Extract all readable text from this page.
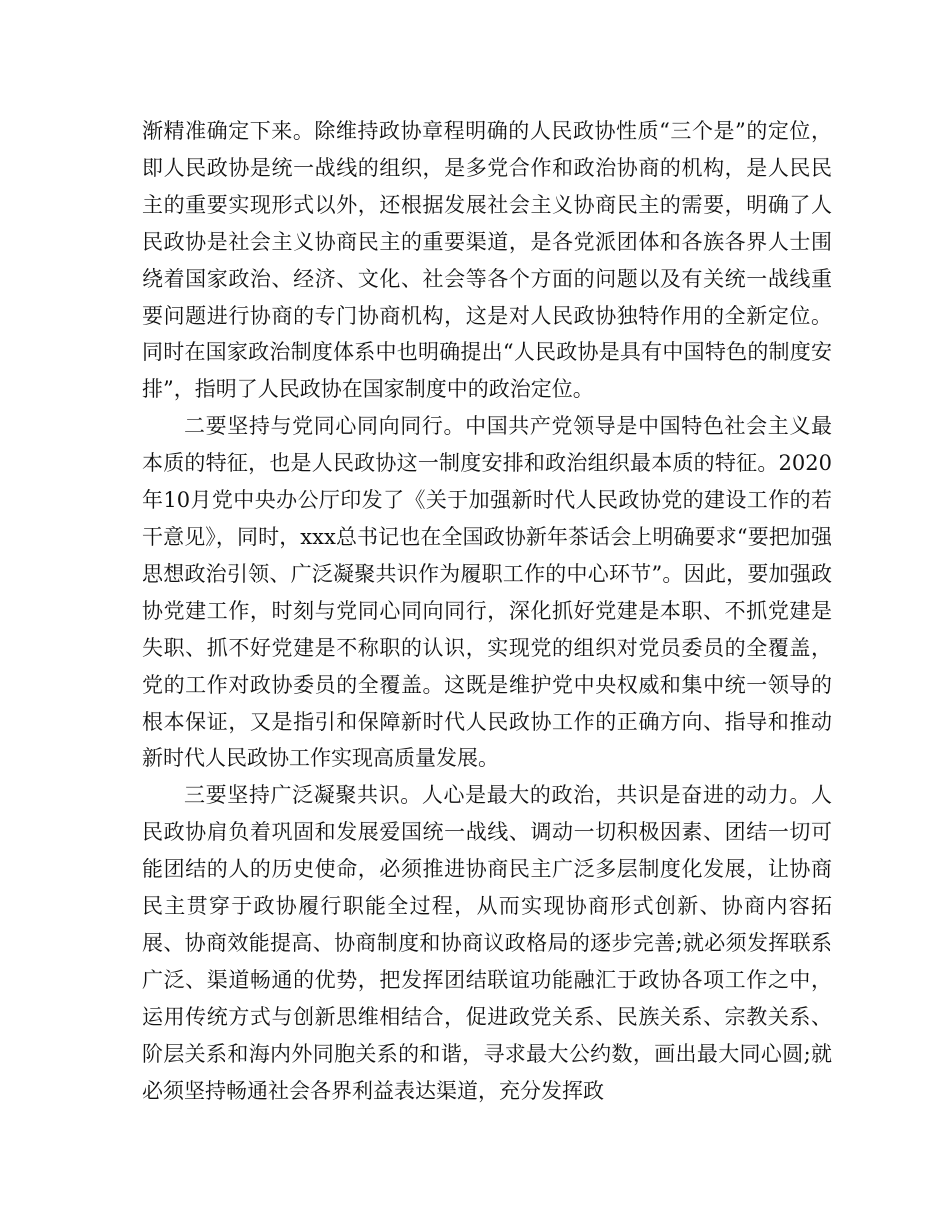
渐精准确定下来。除维持政协章程明确的人民政协性质“三个是”的定位，即人民政协是统一战线的组织，是多党合作和政治协商的机构，是人民民主的重要实现形式以外，还根据发展社会主义协商民主的需要，明确了人民政协是社会主义协商民主的重要渠道，是各党派团体和各族各界人士围绕着国家政治、经济、文化、社会等各个方面的问题以及有关统一战线重要问题进行协商的专门协商机构，这是对人民政协独特作用的全新定位。同时在国家政治制度体系中也明确提出“人民政协是具有中国特色的制度安排”，指明了人民政协在国家制度中的政治定位。

二要坚持与党同心同向同行。中国共产党领导是中国特色社会主义最本质的特征，也是人民政协这一制度安排和政治组织最本质的特征。2020年10月党中央办公厅印发了《关于加强新时代人民政协党的建设工作的若干意见》，同时，xxx总书记也在全国政协新年茶话会上明确要求“要把加强思想政治引领、广泛凝聚共识作为履职工作的中心环节”。因此，要加强政协党建工作，时刻与党同心同向同行，深化抓好党建是本职、不抓党建是失职、抓不好党建是不称职的认识，实现党的组织对党员委员的全覆盖，党的工作对政协委员的全覆盖。这既是维护党中央权威和集中统一领导的根本保证，又是指引和保障新时代人民政协工作的正确方向、指导和推动新时代人民政协工作实现高质量发展。

三要坚持广泛凝聚共识。人心是最大的政治，共识是奋进的动力。人民政协肩负着巩固和发展爱国统一战线、调动一切积极因素、团结一切可能团结的人的历史使命，必须推进协商民主广泛多层制度化发展，让协商民主贯穿于政协履行职能全过程，从而实现协商形式创新、协商内容拓展、协商效能提高、协商制度和协商议政格局的逐步完善;就必须发挥联系广泛、渠道畅通的优势，把发挥团结联谊功能融汇于政协各项工作之中，运用传统方式与创新思维相结合，促进政党关系、民族关系、宗教关系、阶层关系和海内外同胞关系的和谐，寻求最大公约数，画出最大同心圆;就必须坚持畅通社会各界利益表达渠道，充分发挥政
